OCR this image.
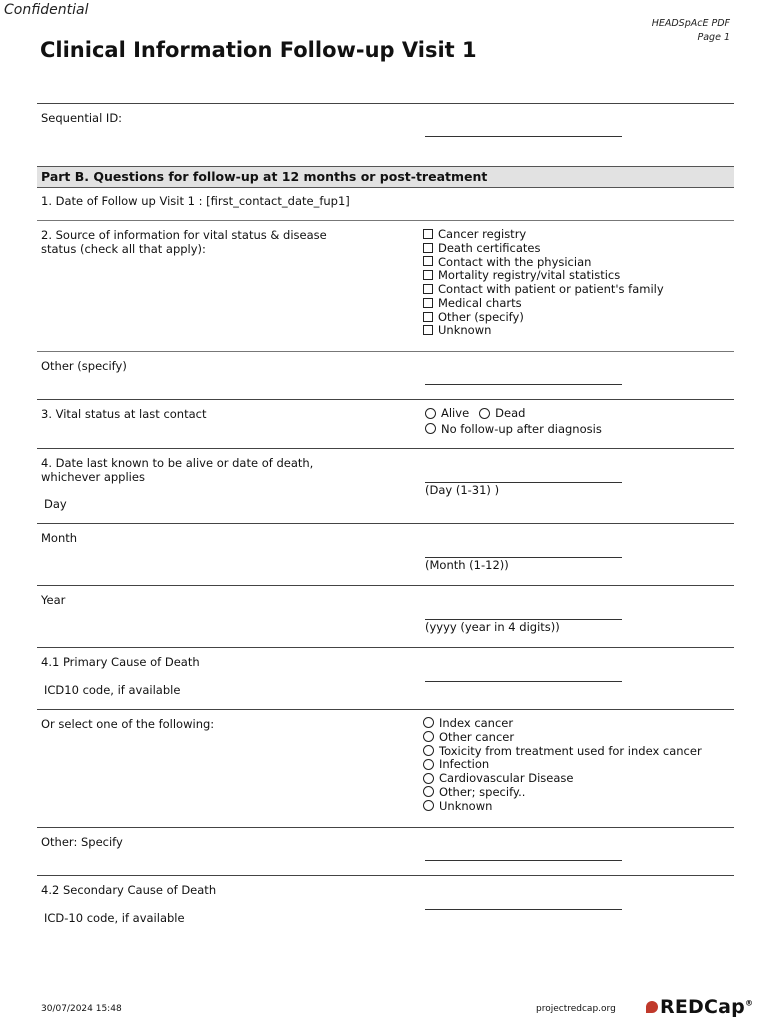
Confidential
HEADSpAcE PDF
Page 1
Clinical Information Follow-up Visit 1
Sequential ID:
Part B. Questions for follow-up at 12 months or post-treatment
1. Date of Follow up Visit 1 : [first_contact_date_fup1]
2. Source of information for vital status & disease status (check all that apply):
Cancer registry
Death certificates
Contact with the physician
Mortality registry/vital statistics
Contact with patient or patient's family
Medical charts
Other (specify)
Unknown
Other (specify)
3. Vital status at last contact	Alive Dead
No follow-up after diagnosis
4. Date last known to be alive or date of death, whichever applies
Day
(Day (1-31) )
Month
(Month (1-12))
Year
(yyyy (year in 4 digits))
4.1 Primary Cause of Death
ICD10 code, if available
Or select one of the following:	Index cancer
Other cancer
Toxicity from treatment used for index cancer
Infection
Cardiovascular Disease
Other; specify..
Unknown
Other: Specify
4.2 Secondary Cause of Death
ICD-10 code, if available
30/07/2024 15:48	projectredcap.org REDCap®
